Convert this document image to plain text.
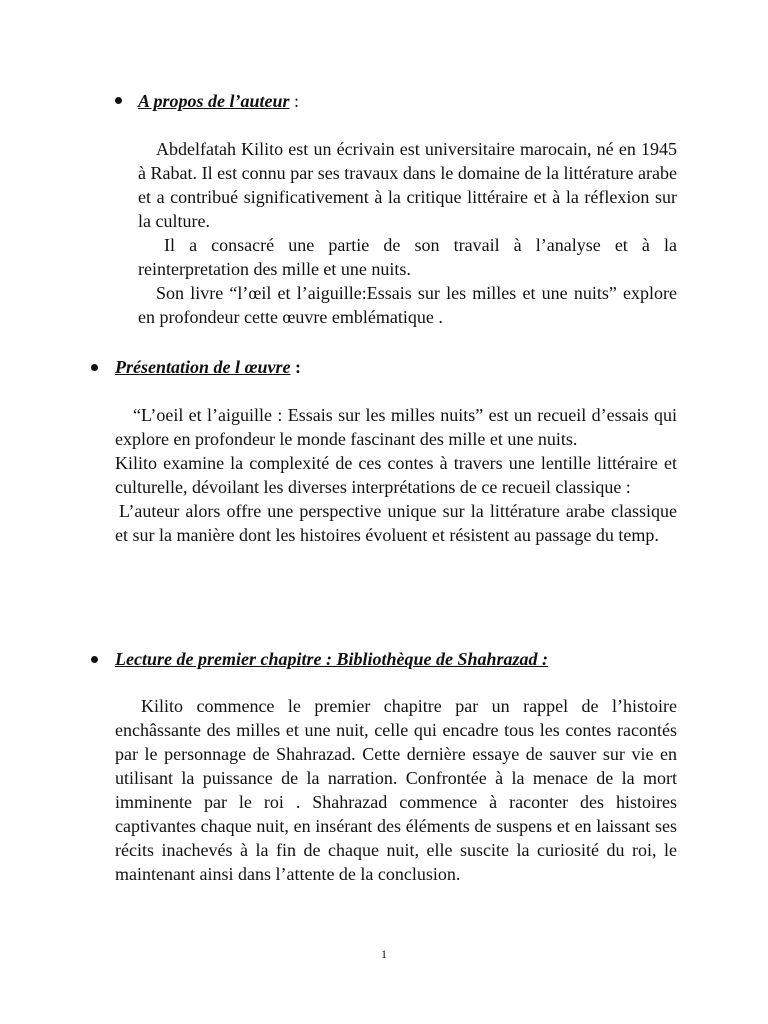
A propos de l’auteur :

Abdelfatah Kilito est un écrivain est universitaire marocain, né en 1945 à Rabat. Il est connu par ses travaux dans le domaine de la littérature arabe et a contribué significativement à la critique littéraire et à la réflexion sur la culture.

Il a consacré une partie de son travail à l’analyse et à la reinterpretation des mille et une nuits.

Son livre “l’œil et l’aiguille:Essais sur les milles et une nuits” explore en profondeur cette œuvre emblématique .

Présentation de l œuvre :

“L’oeil et l’aiguille : Essais sur les milles nuits” est un recueil d’essais qui explore en profondeur le monde fascinant des mille et une nuits.

Kilito examine la complexité de ces contes à travers une lentille littéraire et culturelle, dévoilant les diverses interprétations de ce recueil classique :

L’auteur alors offre une perspective unique sur la littérature arabe classique et sur la manière dont les histoires évoluent et résistent au passage du temp.

Lecture de premier chapitre : Bibliothèque de Shahrazad :

Kilito commence le premier chapitre par un rappel de l’histoire enchâssante des milles et une nuit, celle qui encadre tous les contes racontés par le personnage de Shahrazad. Cette dernière essaye de sauver sur vie en utilisant la puissance de la narration. Confrontée à la menace de la mort imminente par le roi . Shahrazad commence à raconter des histoires captivantes chaque nuit, en insérant des éléments de suspens et en laissant ses récits inachevés à la fin de chaque nuit, elle suscite la curiosité du roi, le maintenant ainsi dans l’attente de la conclusion.

1
